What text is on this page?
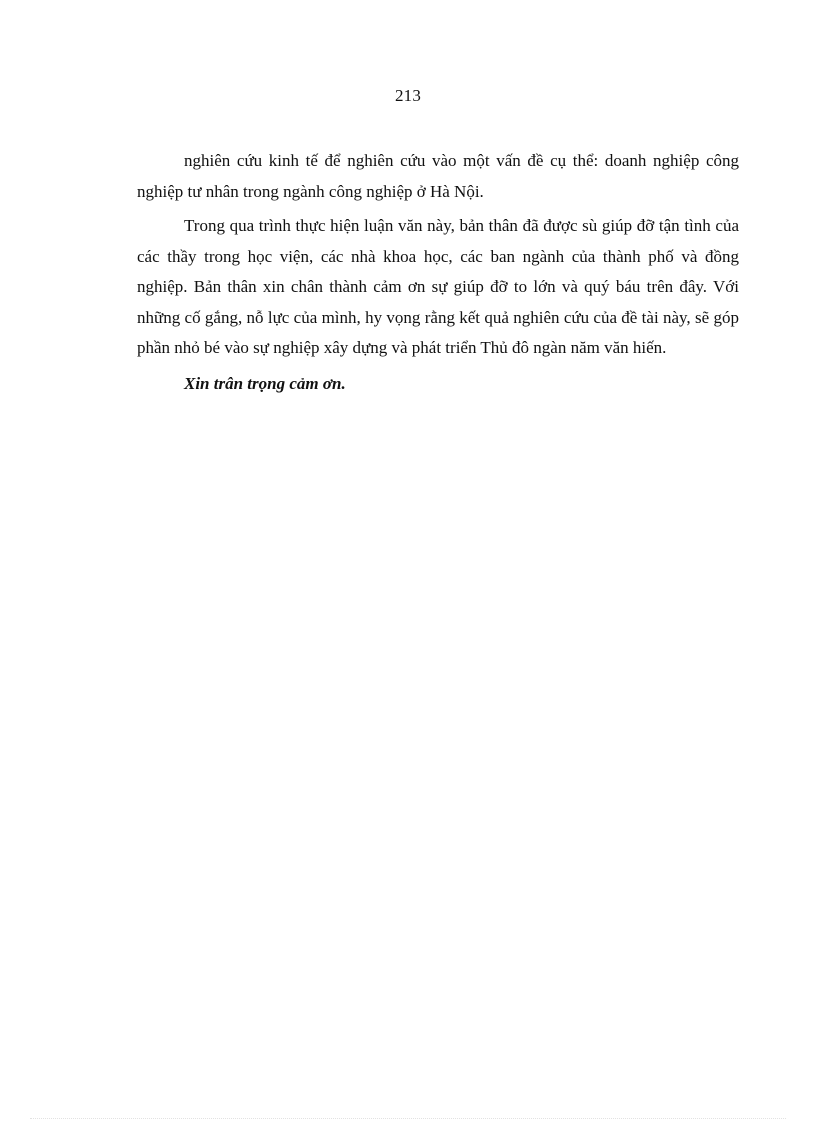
213

nghiên cứu kinh tế để nghiên cứu vào một vấn đề cụ thể: doanh nghiệp công nghiệp tư nhân trong ngành công nghiệp ở Hà Nội.

Trong qua trình thực hiện luận văn này, bản thân đã được sù giúp đỡ tận tình của các thầy trong học viện, các nhà khoa học, các ban ngành của thành phố và đồng nghiệp. Bản thân xin chân thành cảm ơn sự giúp đỡ to lớn và quý báu trên đây. Với những cố gắng, nỗ lực của mình, hy vọng rằng kết quả nghiên cứu của đề tài này, sẽ góp phần nhỏ bé vào sự nghiệp xây dựng và phát triển Thủ đô ngàn năm văn hiến.

Xin trân trọng cảm ơn.
